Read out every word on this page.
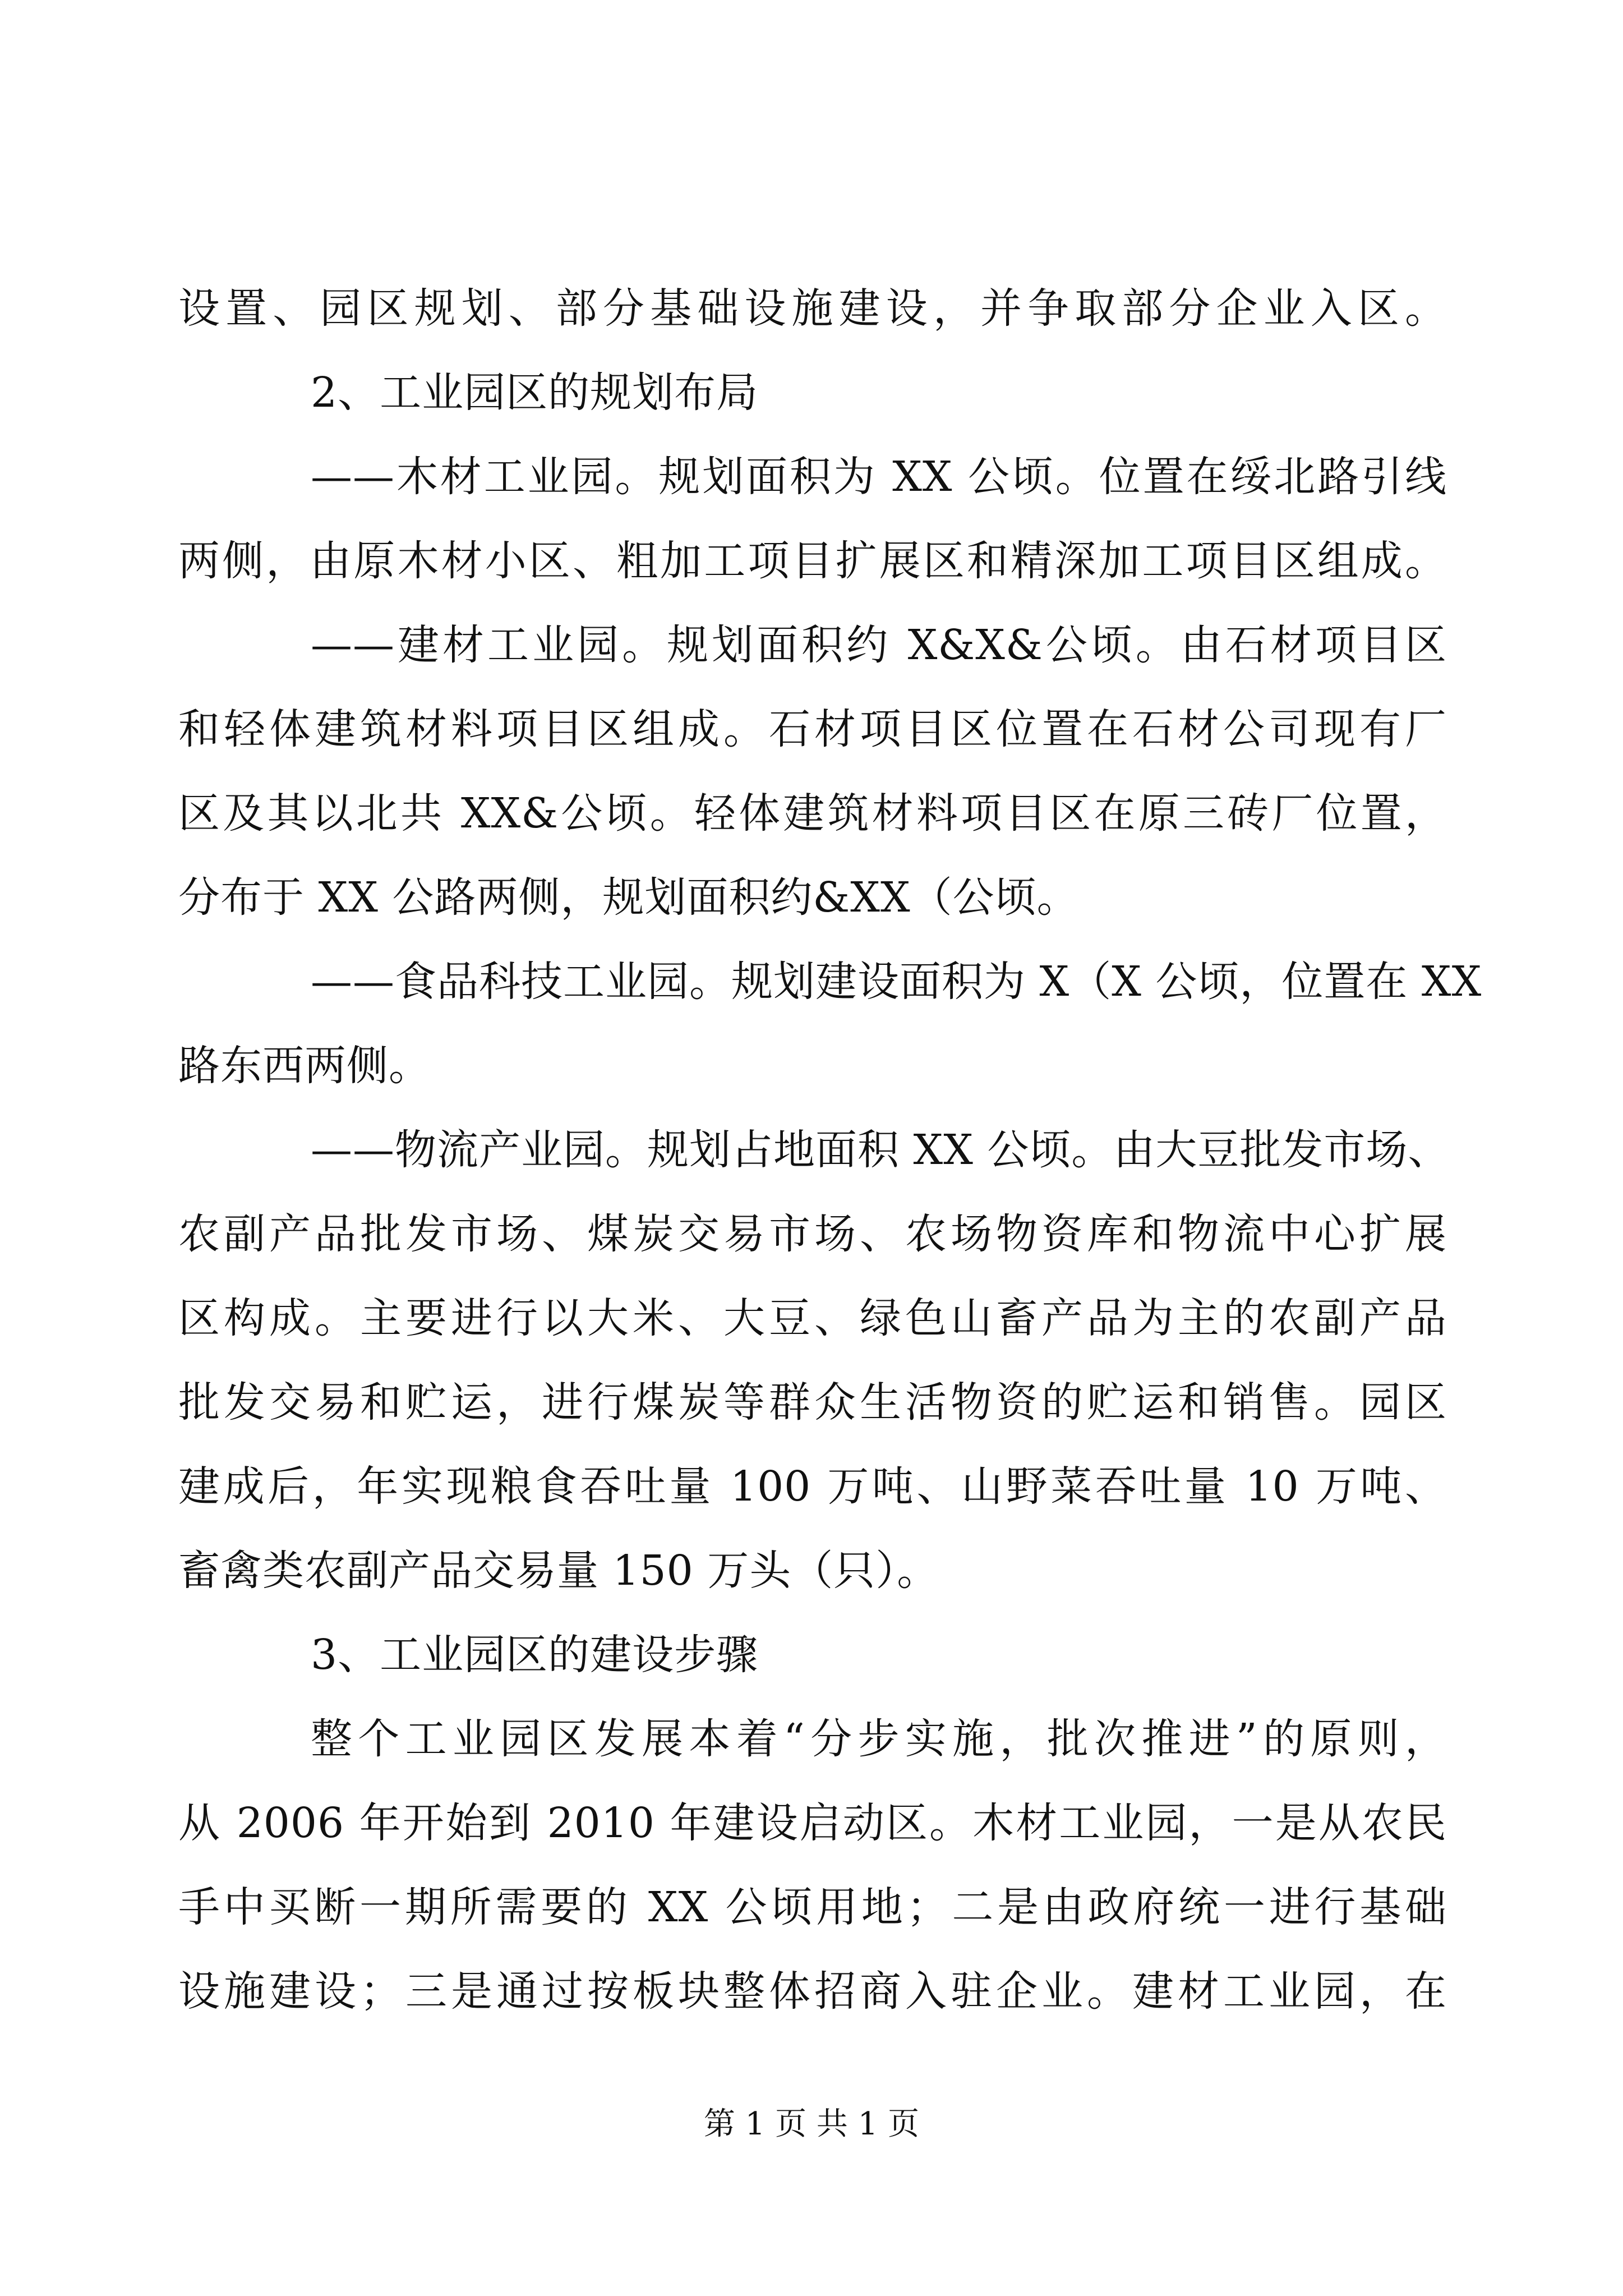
设置、园区规划、部分基础设施建设，并争取部分企业入区。
2、工业园区的规划布局
——木材工业园。规划面积为 XX 公顷。位置在绥北路引线
两侧，由原木材小区、粗加工项目扩展区和精深加工项目区组成。
——建材工业园。规划面积约 X&X&公顷。由石材项目区
和轻体建筑材料项目区组成。石材项目区位置在石材公司现有厂
区及其以北共 XX&公顷。轻体建筑材料项目区在原三砖厂位置，
分布于 XX 公路两侧，规划面积约&XX（公顷。
——食品科技工业园。规划建设面积为 X（X 公顷，位置在 XX
路东西两侧。
——物流产业园。规划占地面积 XX 公顷。由大豆批发市场、
农副产品批发市场、煤炭交易市场、农场物资库和物流中心扩展
区构成。主要进行以大米、大豆、绿色山畜产品为主的农副产品
批发交易和贮运，进行煤炭等群众生活物资的贮运和销售。园区
建成后，年实现粮食吞吐量 100 万吨、山野菜吞吐量 10 万吨、
畜禽类农副产品交易量 150 万头（只）。
3、工业园区的建设步骤
整个工业园区发展本着“分步实施，批次推进”的原则，
从 2006 年开始到 2010 年建设启动区。木材工业园，一是从农民
手中买断一期所需要的 XX 公顷用地；二是由政府统一进行基础
设施建设；三是通过按板块整体招商入驻企业。建材工业园，在
第 1 页 共 1 页
